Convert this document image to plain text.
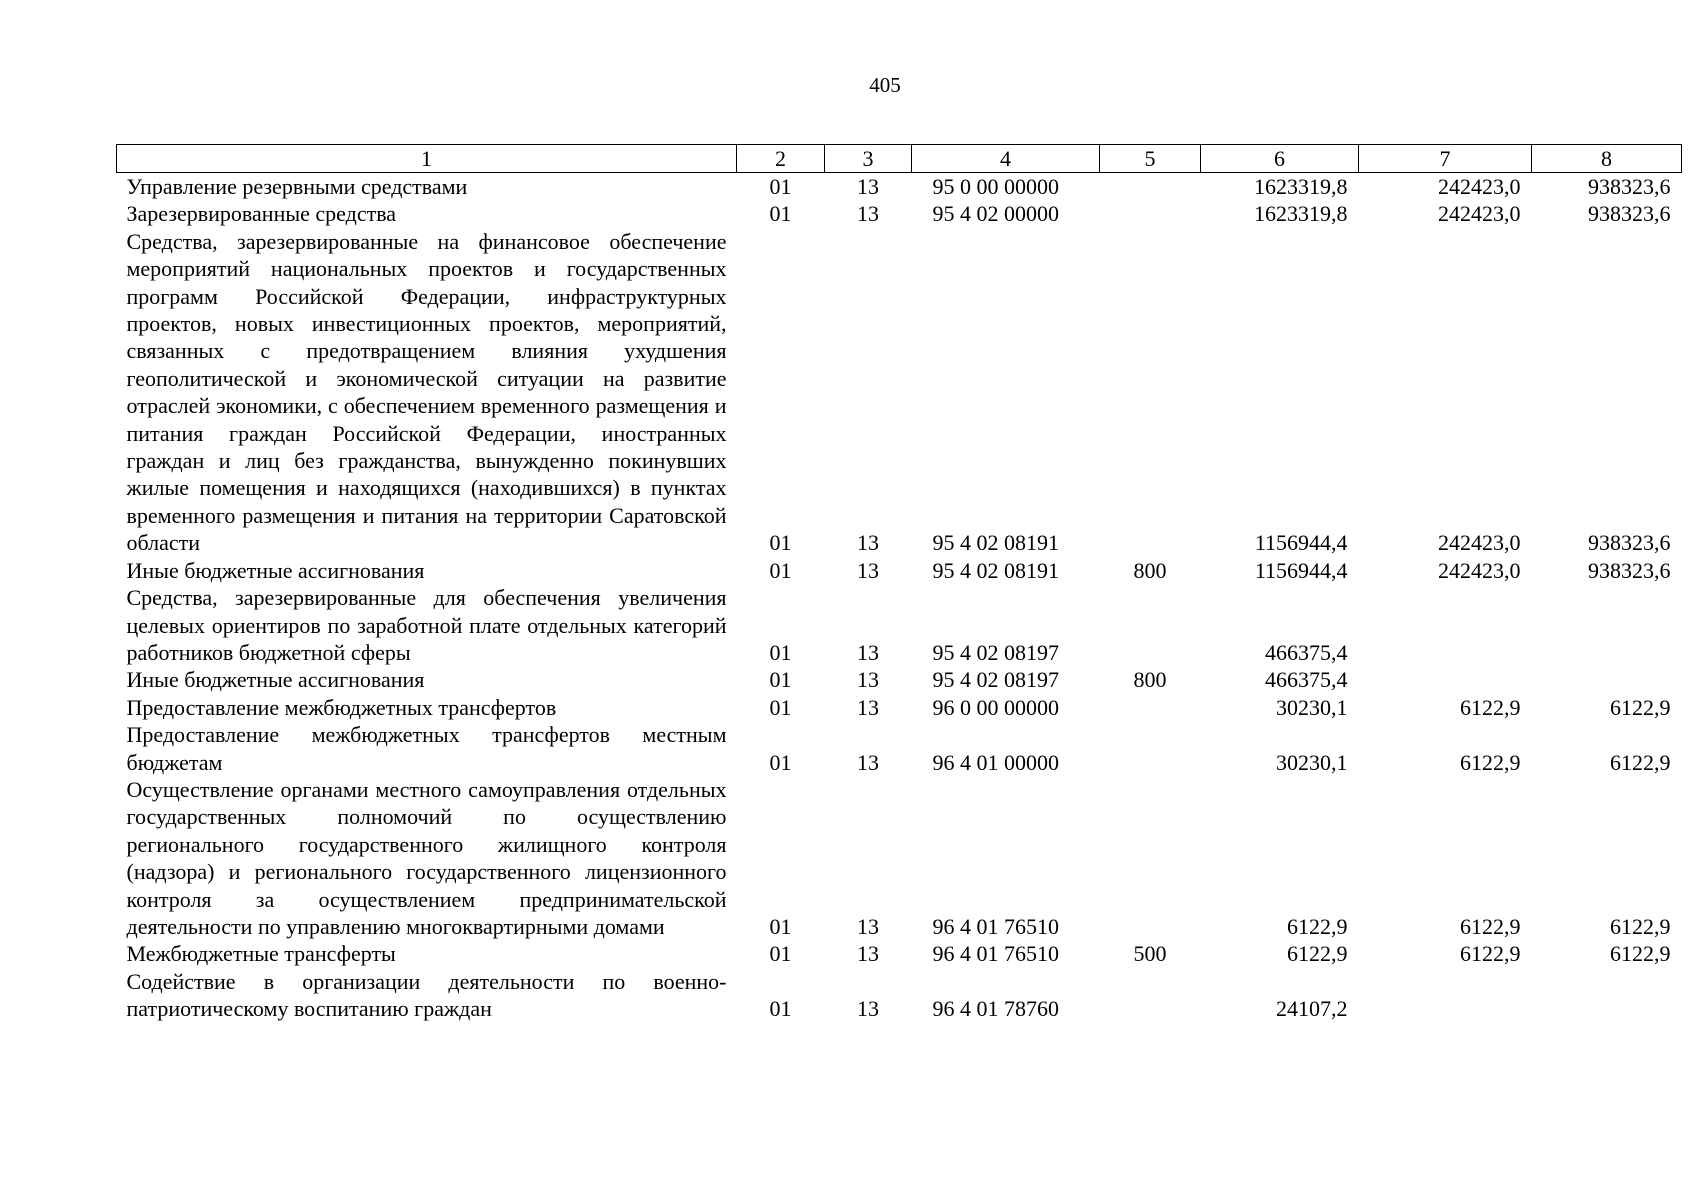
405
1	2	3	4	5	6	7	8
Управление резервными средствами	01	13	95 0 00 00000		1623319,8	242423,0	938323,6
Зарезервированные средства	01	13	95 4 02 00000		1623319,8	242423,0	938323,6
Средства, зарезервированные на финансовое обеспечение мероприятий национальных проектов и государственных программ Российской Федерации, инфраструктурных проектов, новых инвестиционных проектов, мероприятий, связанных с предотвращением влияния ухудшения геополитической и экономической ситуации на развитие отраслей экономики, с обеспечением временного размещения и питания граждан Российской Федерации, иностранных граждан и лиц без гражданства, вынужденно покинувших жилые помещения и находящихся (находившихся) в пунктах временного размещения и питания на территории Саратовской области	01	13	95 4 02 08191		1156944,4	242423,0	938323,6
Иные бюджетные ассигнования	01	13	95 4 02 08191	800	1156944,4	242423,0	938323,6
Средства, зарезервированные для обеспечения увеличения целевых ориентиров по заработной плате отдельных категорий работников бюджетной сферы	01	13	95 4 02 08197		466375,4		
Иные бюджетные ассигнования	01	13	95 4 02 08197	800	466375,4		
Предоставление межбюджетных трансфертов	01	13	96 0 00 00000		30230,1	6122,9	6122,9
Предоставление межбюджетных трансфертов местным бюджетам	01	13	96 4 01 00000		30230,1	6122,9	6122,9
Осуществление органами местного самоуправления отдельных государственных полномочий по осуществлению регионального государственного жилищного контроля (надзора) и регионального государственного лицензионного контроля за осуществлением предпринимательской деятельности по управлению многоквартирными домами	01	13	96 4 01 76510		6122,9	6122,9	6122,9
Межбюджетные трансферты	01	13	96 4 01 76510	500	6122,9	6122,9	6122,9
Содействие в организации деятельности по военно-патриотическому воспитанию граждан	01	13	96 4 01 78760		24107,2		
